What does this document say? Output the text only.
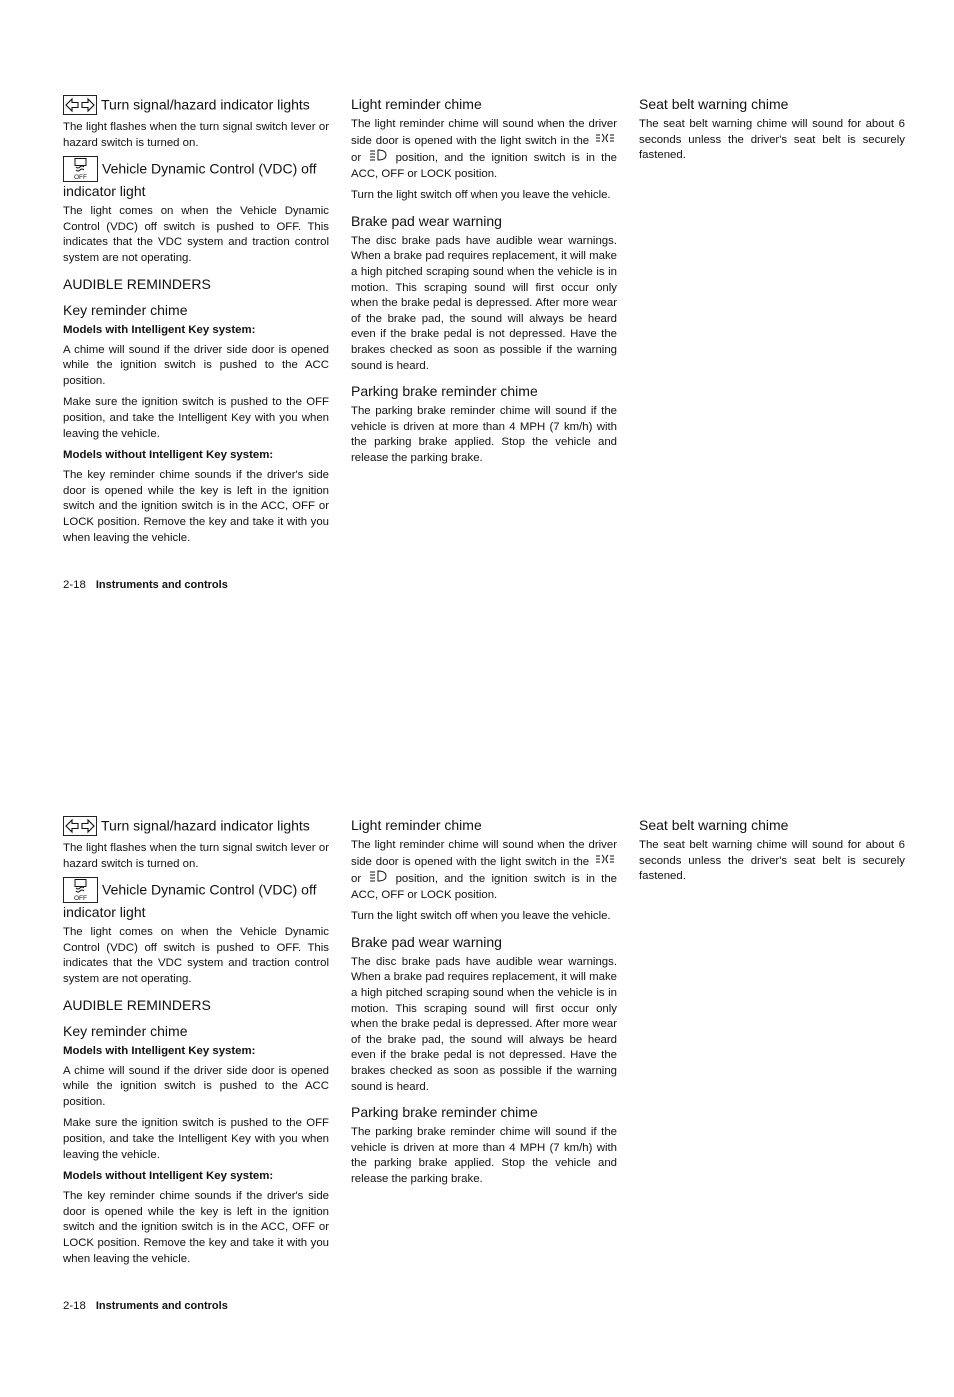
Turn signal/hazard indicator lights

The light flashes when the turn signal switch lever or hazard switch is turned on.

OFF
Vehicle Dynamic Control (VDC) off indicator light

The light comes on when the Vehicle Dynamic Control (VDC) off switch is pushed to OFF. This indicates that the VDC system and traction control system are not operating.

AUDIBLE REMINDERS
Key reminder chime
Models with Intelligent Key system:

A chime will sound if the driver side door is opened while the ignition switch is pushed to the ACC position.

Make sure the ignition switch is pushed to the OFF position, and take the Intelligent Key with you when leaving the vehicle.

Models without Intelligent Key system:

The key reminder chime sounds if the driver's side door is opened while the key is left in the ignition switch and the ignition switch is in the ACC, OFF or LOCK position. Remove the key and take it with you when leaving the vehicle.

Light reminder chime

The light reminder chime will sound when the driver side door is opened with the light switch in the  or	position, and the ignition switch is in the ACC, OFF or LOCK position.

Turn the light switch off when you leave the vehicle.

Brake pad wear warning

The disc brake pads have audible wear warnings. When a brake pad requires replacement, it will make a high pitched scraping sound when the vehicle is in motion. This scraping sound will first occur only when the brake pedal is depressed. After more wear of the brake pad, the sound will always be heard even if the brake pedal is not depressed. Have the brakes checked as soon as possible if the warning sound is heard.

Parking brake reminder chime

The parking brake reminder chime will sound if the vehicle is driven at more than 4 MPH (7 km/h) with the parking brake applied. Stop the vehicle and release the parking brake.

Seat belt warning chime

The seat belt warning chime will sound for about 6 seconds unless the driver's seat belt is securely fastened.

2-18 Instruments and controls
Turn signal/hazard indicator lights

The light flashes when the turn signal switch lever or hazard switch is turned on.

OFF
Vehicle Dynamic Control (VDC) off indicator light

The light comes on when the Vehicle Dynamic Control (VDC) off switch is pushed to OFF. This indicates that the VDC system and traction control system are not operating.

AUDIBLE REMINDERS
Key reminder chime
Models with Intelligent Key system:

A chime will sound if the driver side door is opened while the ignition switch is pushed to the ACC position.

Make sure the ignition switch is pushed to the OFF position, and take the Intelligent Key with you when leaving the vehicle.

Models without Intelligent Key system:

The key reminder chime sounds if the driver's side door is opened while the key is left in the ignition switch and the ignition switch is in the ACC, OFF or LOCK position. Remove the key and take it with you when leaving the vehicle.

Light reminder chime

The light reminder chime will sound when the driver side door is opened with the light switch in the  or	position, and the ignition switch is in the ACC, OFF or LOCK position.

Turn the light switch off when you leave the vehicle.

Brake pad wear warning

The disc brake pads have audible wear warnings. When a brake pad requires replacement, it will make a high pitched scraping sound when the vehicle is in motion. This scraping sound will first occur only when the brake pedal is depressed. After more wear of the brake pad, the sound will always be heard even if the brake pedal is not depressed. Have the brakes checked as soon as possible if the warning sound is heard.

Parking brake reminder chime

The parking brake reminder chime will sound if the vehicle is driven at more than 4 MPH (7 km/h) with the parking brake applied. Stop the vehicle and release the parking brake.

Seat belt warning chime

The seat belt warning chime will sound for about 6 seconds unless the driver's seat belt is securely fastened.

2-18 Instruments and controls
